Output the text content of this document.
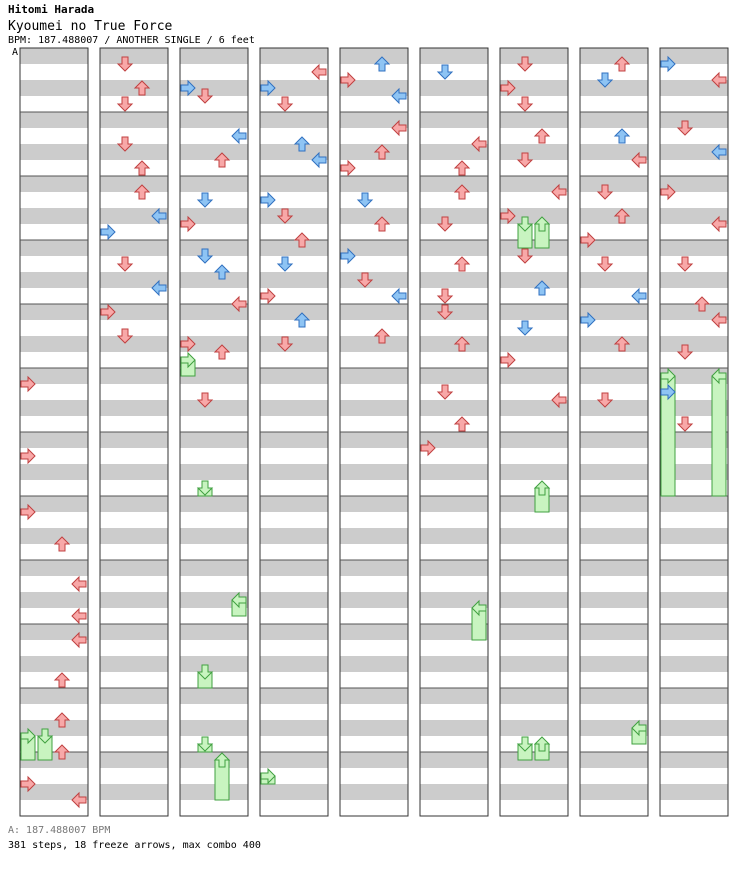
Hitomi Harada
Kyoumei no True Force
BPM: 187.488007 / ANOTHER SINGLE / 6 feet
A
A: 187.488007 BPM
381 steps, 18 freeze arrows, max combo 400
